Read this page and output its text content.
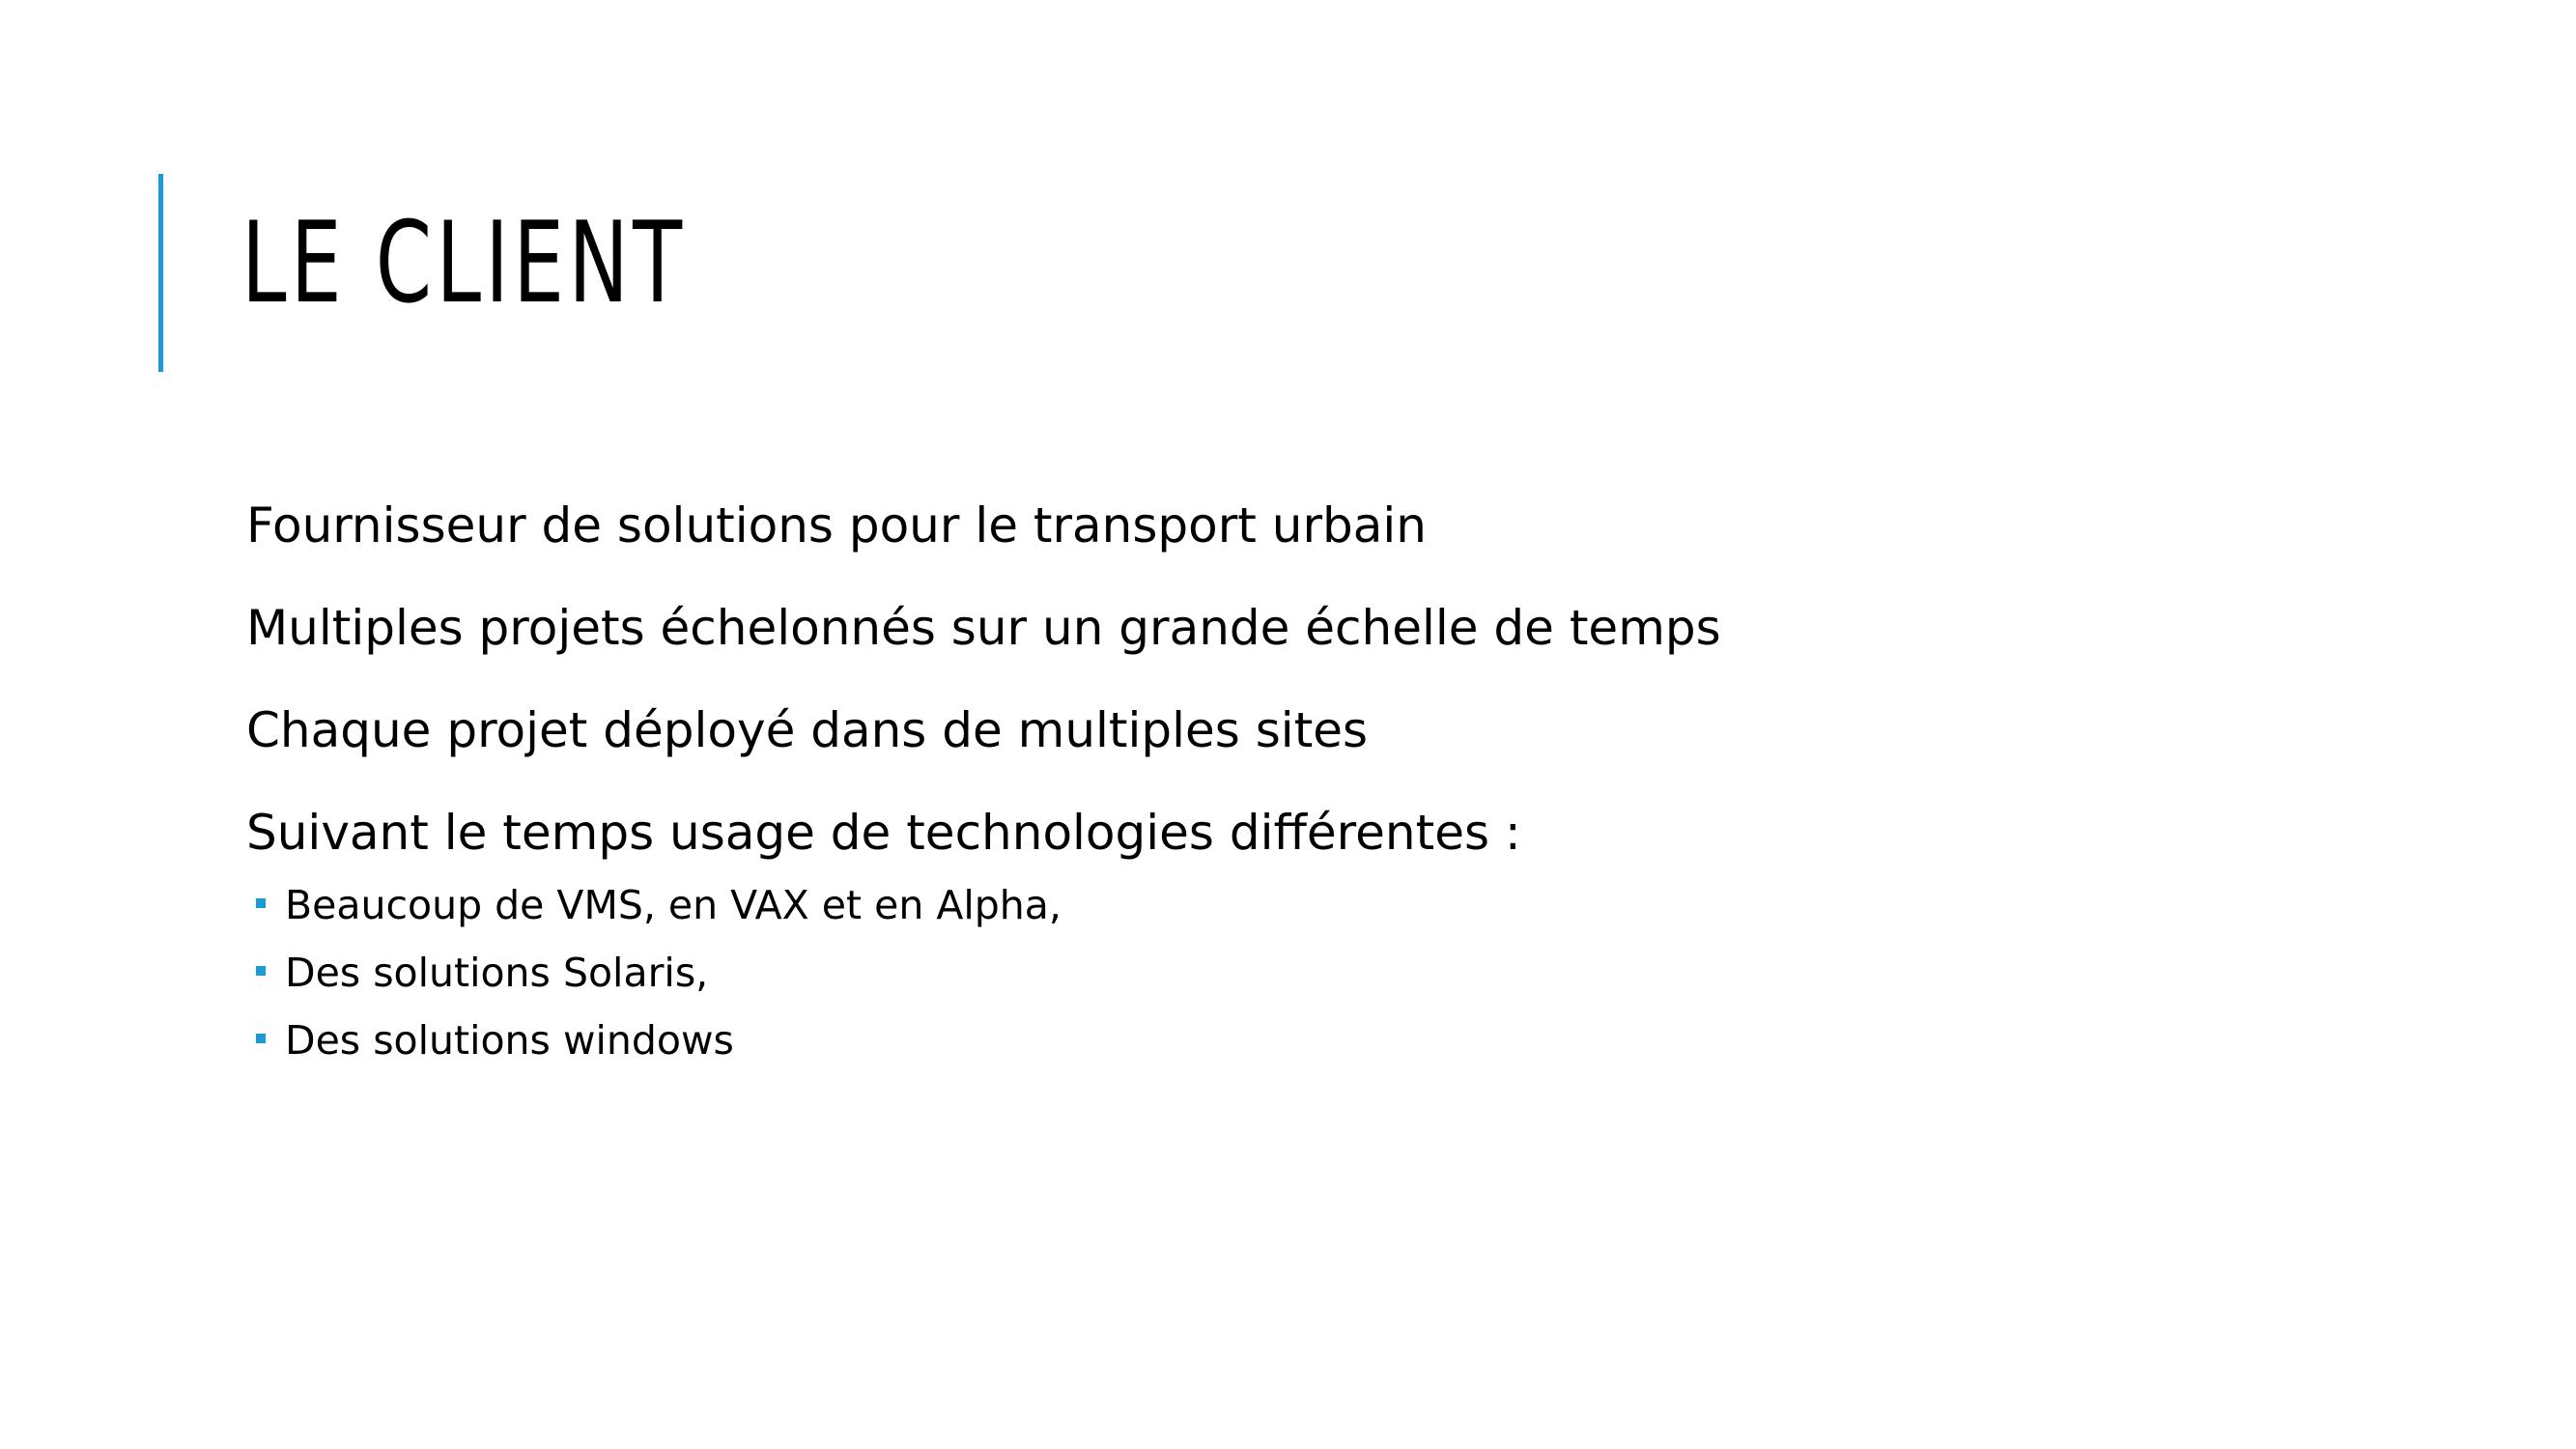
LE CLIENT

Fournisseur de solutions pour le transport urbain

Multiples projets échelonnés sur un grande échelle de temps

Chaque projet déployé dans de multiples sites

Suivant le temps usage de technologies différentes :

Beaucoup de VMS, en VAX et en Alpha,
Des solutions Solaris,
Des solutions windows
